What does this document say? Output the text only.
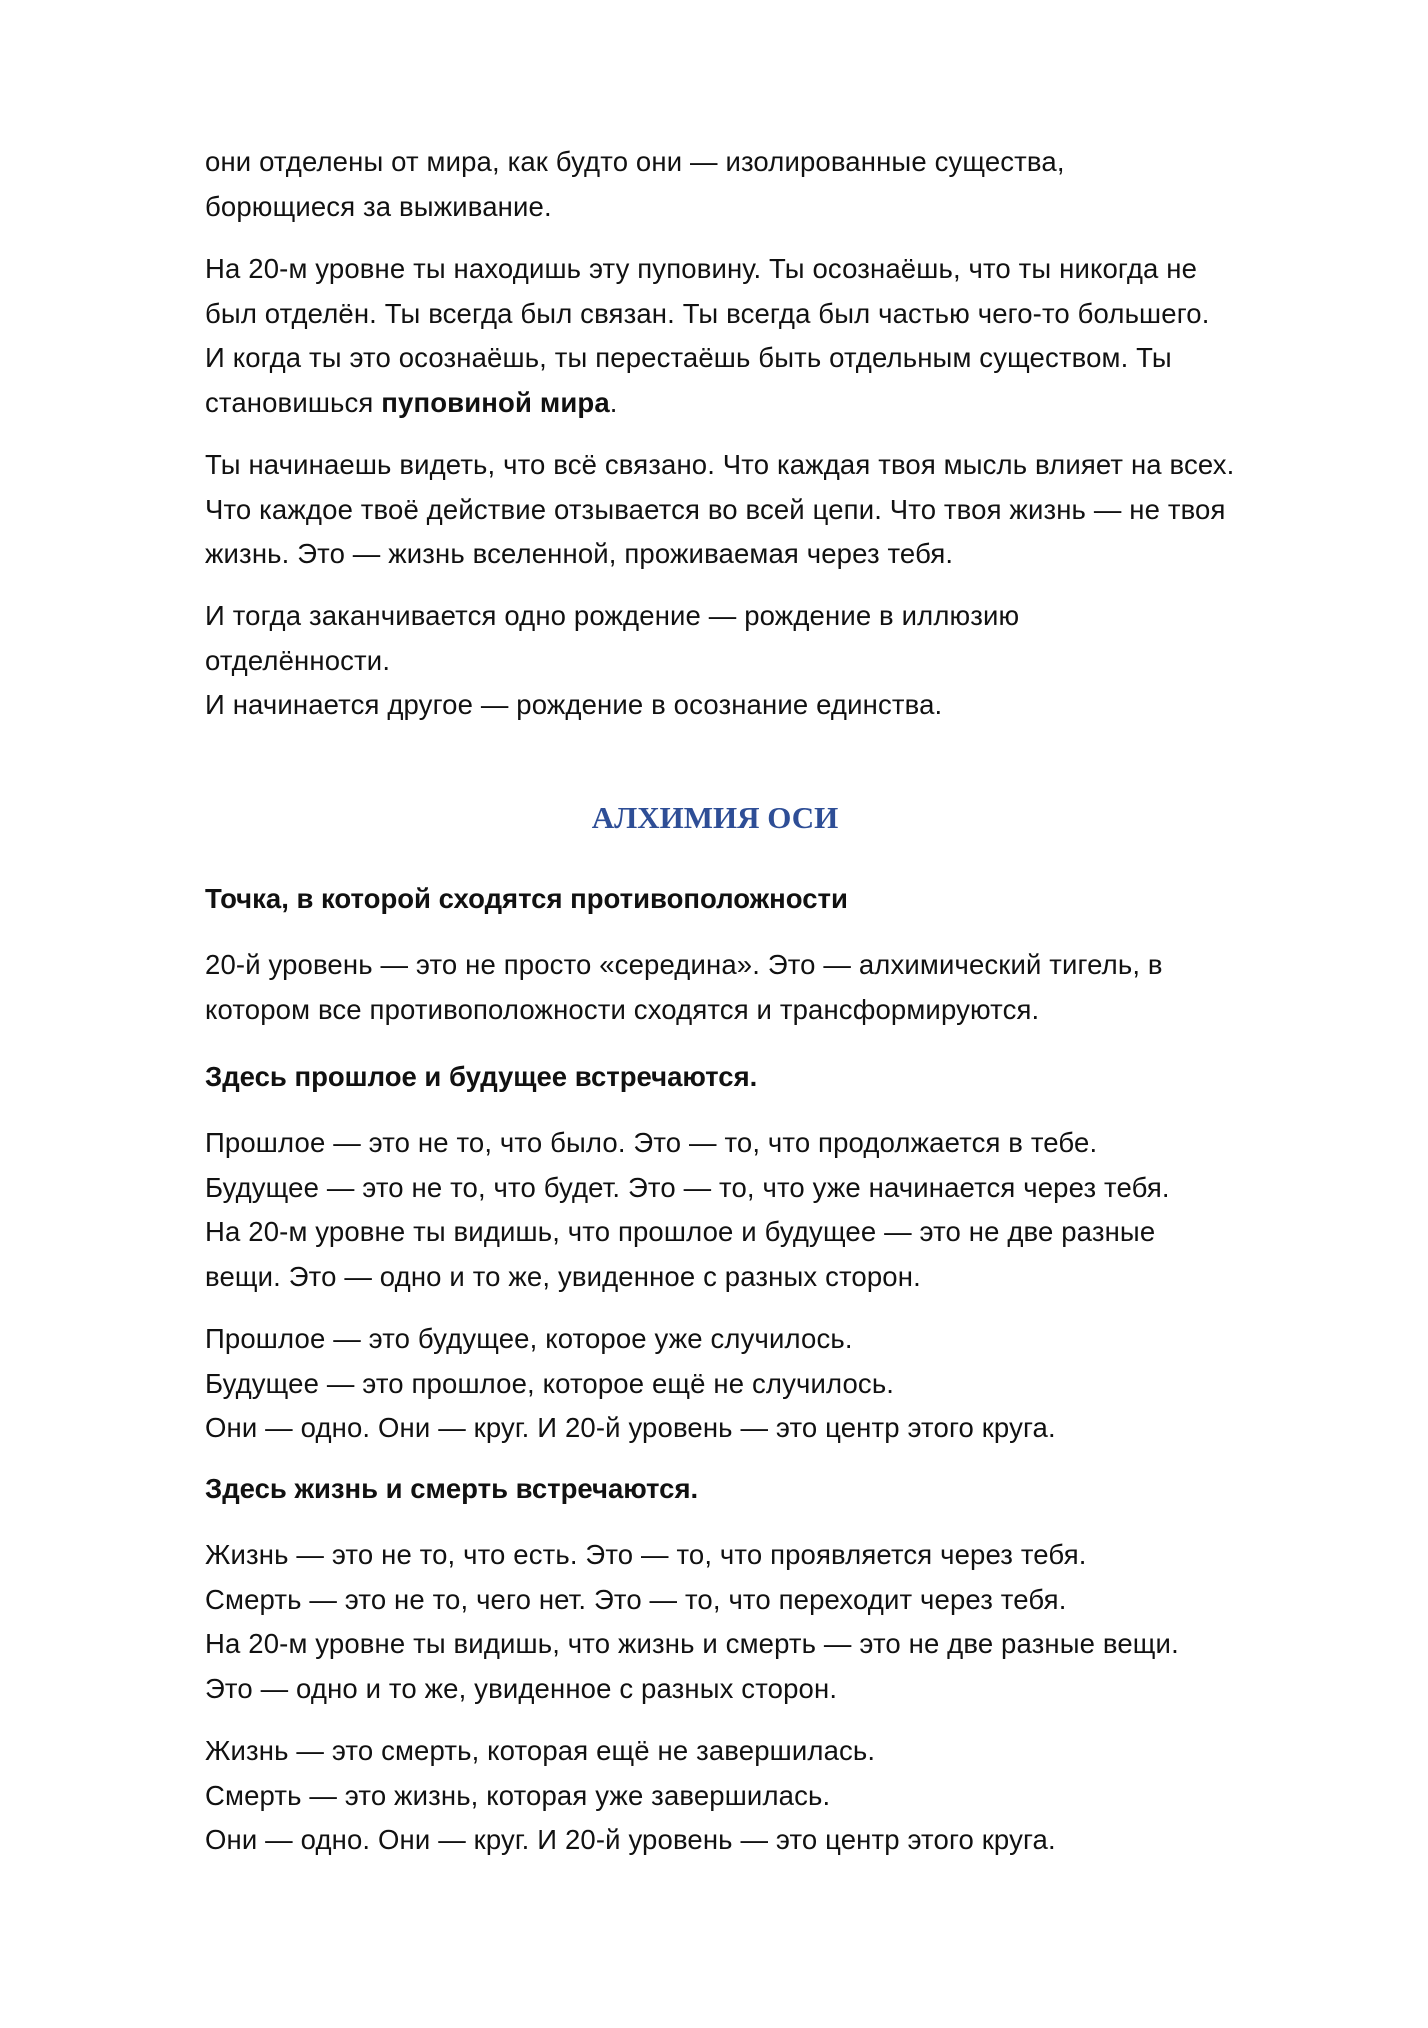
они отделены от мира, как будто они — изолированные существа,
борющиеся за выживание.
На 20-м уровне ты находишь эту пуповину. Ты осознаёшь, что ты никогда не
был отделён. Ты всегда был связан. Ты всегда был частью чего-то большего.
И когда ты это осознаёшь, ты перестаёшь быть отдельным существом. Ты
становишься пуповиной мира.
Ты начинаешь видеть, что всё связано. Что каждая твоя мысль влияет на всех.
Что каждое твоё действие отзывается во всей цепи. Что твоя жизнь — не твоя
жизнь. Это — жизнь вселенной, проживаемая через тебя.
И тогда заканчивается одно рождение — рождение в иллюзию
отделённости.
И начинается другое — рождение в осознание единства.
АЛХИМИЯ ОСИ
Точка, в которой сходятся противоположности
20-й уровень — это не просто «середина». Это — алхимический тигель, в
котором все противоположности сходятся и трансформируются.
Здесь прошлое и будущее встречаются.
Прошлое — это не то, что было. Это — то, что продолжается в тебе.
Будущее — это не то, что будет. Это — то, что уже начинается через тебя.
На 20-м уровне ты видишь, что прошлое и будущее — это не две разные
вещи. Это — одно и то же, увиденное с разных сторон.
Прошлое — это будущее, которое уже случилось.
Будущее — это прошлое, которое ещё не случилось.
Они — одно. Они — круг. И 20-й уровень — это центр этого круга.
Здесь жизнь и смерть встречаются.
Жизнь — это не то, что есть. Это — то, что проявляется через тебя.
Смерть — это не то, чего нет. Это — то, что переходит через тебя.
На 20-м уровне ты видишь, что жизнь и смерть — это не две разные вещи.
Это — одно и то же, увиденное с разных сторон.
Жизнь — это смерть, которая ещё не завершилась.
Смерть — это жизнь, которая уже завершилась.
Они — одно. Они — круг. И 20-й уровень — это центр этого круга.
